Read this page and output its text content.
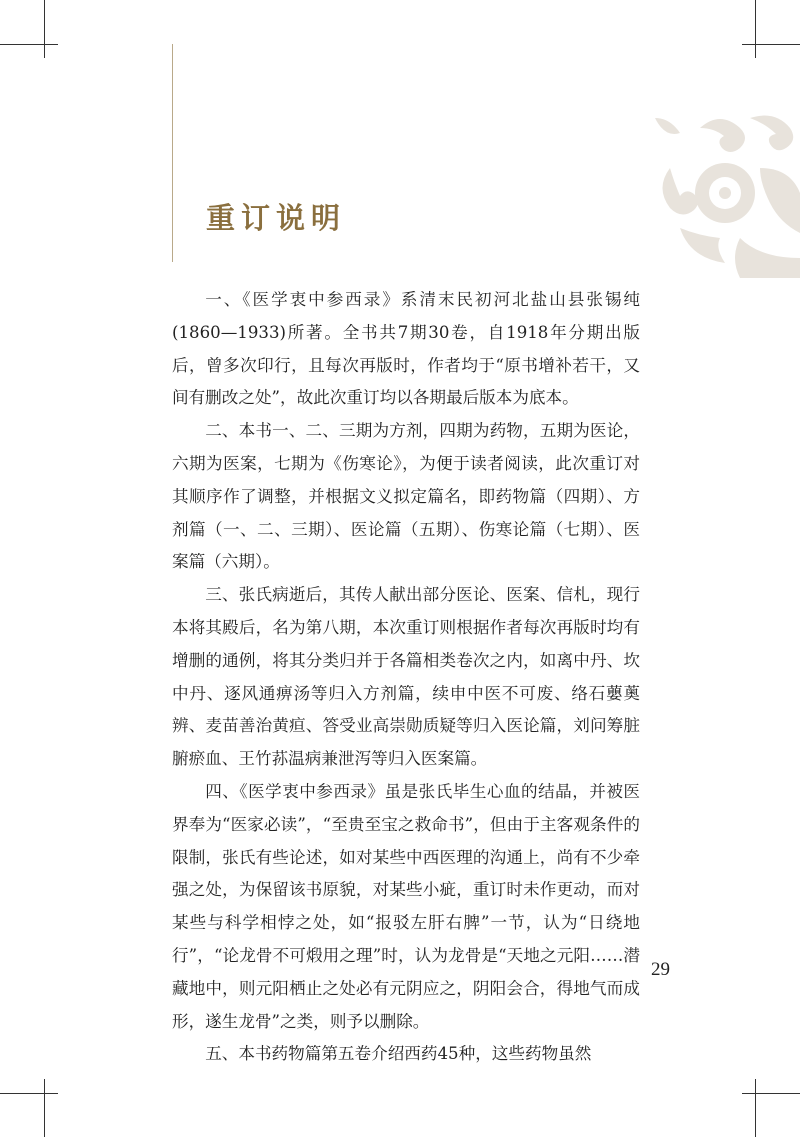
重订说明

一、《医学衷中参西录》系清末民初河北盐山县张锡纯(1860—1933)所著。全书共7期30卷，自1918年分期出版后，曾多次印行，且每次再版时，作者均于“原书增补若干，又间有删改之处”，故此次重订均以各期最后版本为底本。

二、本书一、二、三期为方剂，四期为药物，五期为医论，六期为医案，七期为《伤寒论》，为便于读者阅读，此次重订对其顺序作了调整，并根据文义拟定篇名，即药物篇（四期）、方剂篇（一、二、三期）、医论篇（五期）、伤寒论篇（七期）、医案篇（六期）。

三、张氏病逝后，其传人献出部分医论、医案、信札，现行本将其殿后，名为第八期，本次重订则根据作者每次再版时均有增删的通例，将其分类归并于各篇相类卷次之内，如离中丹、坎中丹、逐风通痹汤等归入方剂篇，续申中医不可废、络石蘡薁辨、麦苗善治黄疸、答受业高崇勋质疑等归入医论篇，刘问筹脏腑瘀血、王竹荪温病兼泄泻等归入医案篇。

四、《医学衷中参西录》虽是张氏毕生心血的结晶，并被医界奉为“医家必读”，“至贵至宝之救命书”，但由于主客观条件的限制，张氏有些论述，如对某些中西医理的沟通上，尚有不少牵强之处，为保留该书原貌，对某些小疵，重订时未作更动，而对某些与科学相悖之处，如“报驳左肝右脾”一节，认为“日绕地行”，“论龙骨不可煅用之理”时，认为龙骨是“天地之元阳……潜藏地中，则元阳栖止之处必有元阴应之，阴阳会合，得地气而成形，遂生龙骨”之类，则予以删除。

五、本书药物篇第五卷介绍西药45种，这些药物虽然

29
